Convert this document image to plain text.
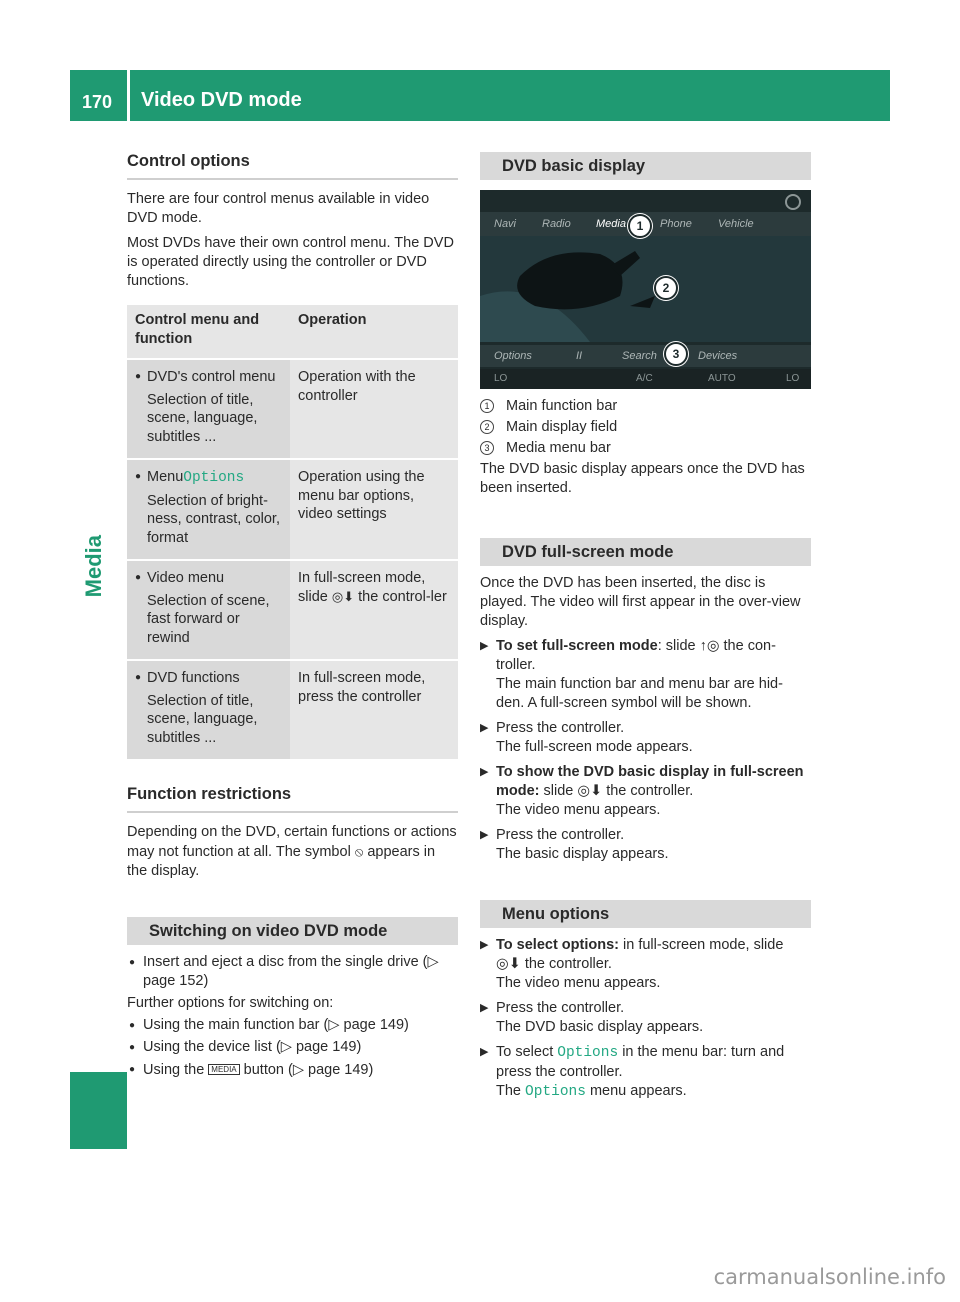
170 Video DVD mode
Media
Control options

There are four control menus available in video DVD mode.

Most DVDs have their own control menu. The DVD is operated directly using the controller or DVD functions.

Control menu and function	Operation

● DVD's control menu
Selection of title, scene, language, subtitles ...	Operation with the controller

● MenuOptions
Selection of bright-ness, contrast, color, format	Operation using the menu bar options, video settings

● Video menu
Selection of scene, fast forward or rewind	In full-screen mode, slide ◎⬇ the control-ler

● DVD functions
Selection of title, scene, language, subtitles ...	In full-screen mode, press the controller
Function restrictions

Depending on the DVD, certain functions or actions may not function at all. The symbol ⦸ appears in the display.

Switching on video DVD mode
● Insert and eject a disc from the single drive (▷ page 152)

Further options for switching on:

● Using the main function bar (▷ page 149)
● Using the device list (▷ page 149)
● Using the MEDIA button (▷ page 149)
DVD basic display
Navi Radio Media	Phone Vehicle
Options	II	Search	Devices
LO	A/C	AUTO	LO
1
2
3
1	Main function bar
2	Main display field
3	Media menu bar

The DVD basic display appears once the DVD has been inserted.

DVD full-screen mode

Once the DVD has been inserted, the disc is played. The video will first appear in the over-view display.

▶ To set full-screen mode: slide ↑◎ the con-troller.
The main function bar and menu bar are hid-den. A full-screen symbol will be shown.
▶ Press the controller.
The full-screen mode appears.
▶ To show the DVD basic display in full-screen mode: slide ◎⬇ the controller.
The video menu appears.
▶ Press the controller.
The basic display appears.
Menu options
▶ To select options: in full-screen mode, slide ◎⬇ the controller.
The video menu appears.
▶ Press the controller.
The DVD basic display appears.
▶ To select Options in the menu bar: turn and press the controller.
The Options menu appears.
carmanualsonline.info
